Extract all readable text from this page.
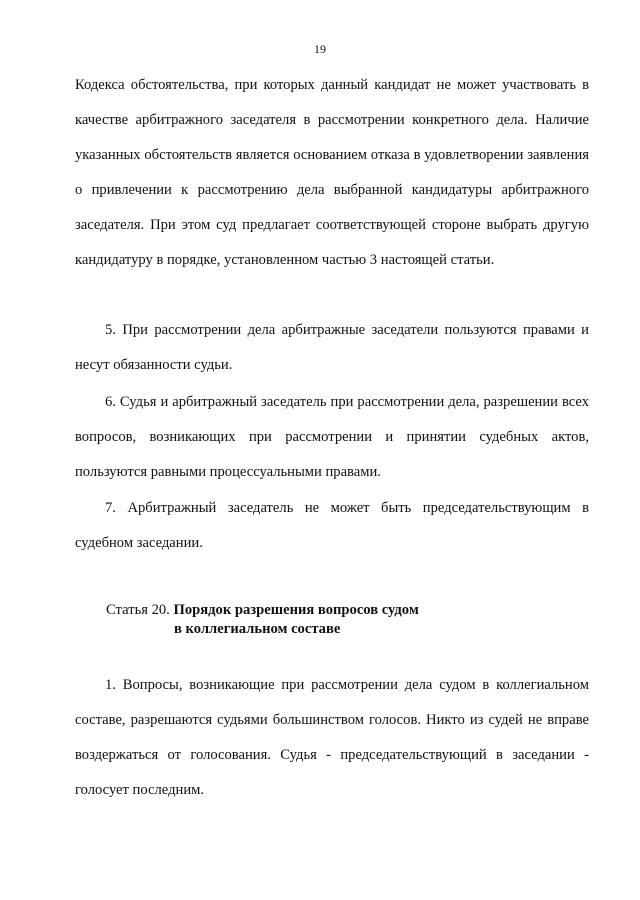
19

Кодекса обстоятельства, при которых данный кандидат не может участвовать в качестве арбитражного заседателя в рассмотрении конкретного дела. Наличие указанных обстоятельств является основанием отказа в удовлетворении заявления о привлечении к рассмотрению дела выбранной кандидатуры арбитражного заседателя. При этом суд предлагает соответствующей стороне выбрать другую кандидатуру в порядке, установленном частью 3 настоящей статьи.

5. При рассмотрении дела арбитражные заседатели пользуются правами и несут обязанности судьи.

6. Судья и арбитражный заседатель при рассмотрении дела, разрешении всех вопросов, возникающих при рассмотрении и принятии судебных актов, пользуются равными процессуальными правами.

7. Арбитражный заседатель не может быть председательствующим в судебном заседании.

Статья 20. Порядок разрешения вопросов судом
в коллегиальном составе

1. Вопросы, возникающие при рассмотрении дела судом в коллегиальном составе, разрешаются судьями большинством голосов. Никто из судей не вправе воздержаться от голосования. Судья - председательствующий в заседании - голосует последним.
